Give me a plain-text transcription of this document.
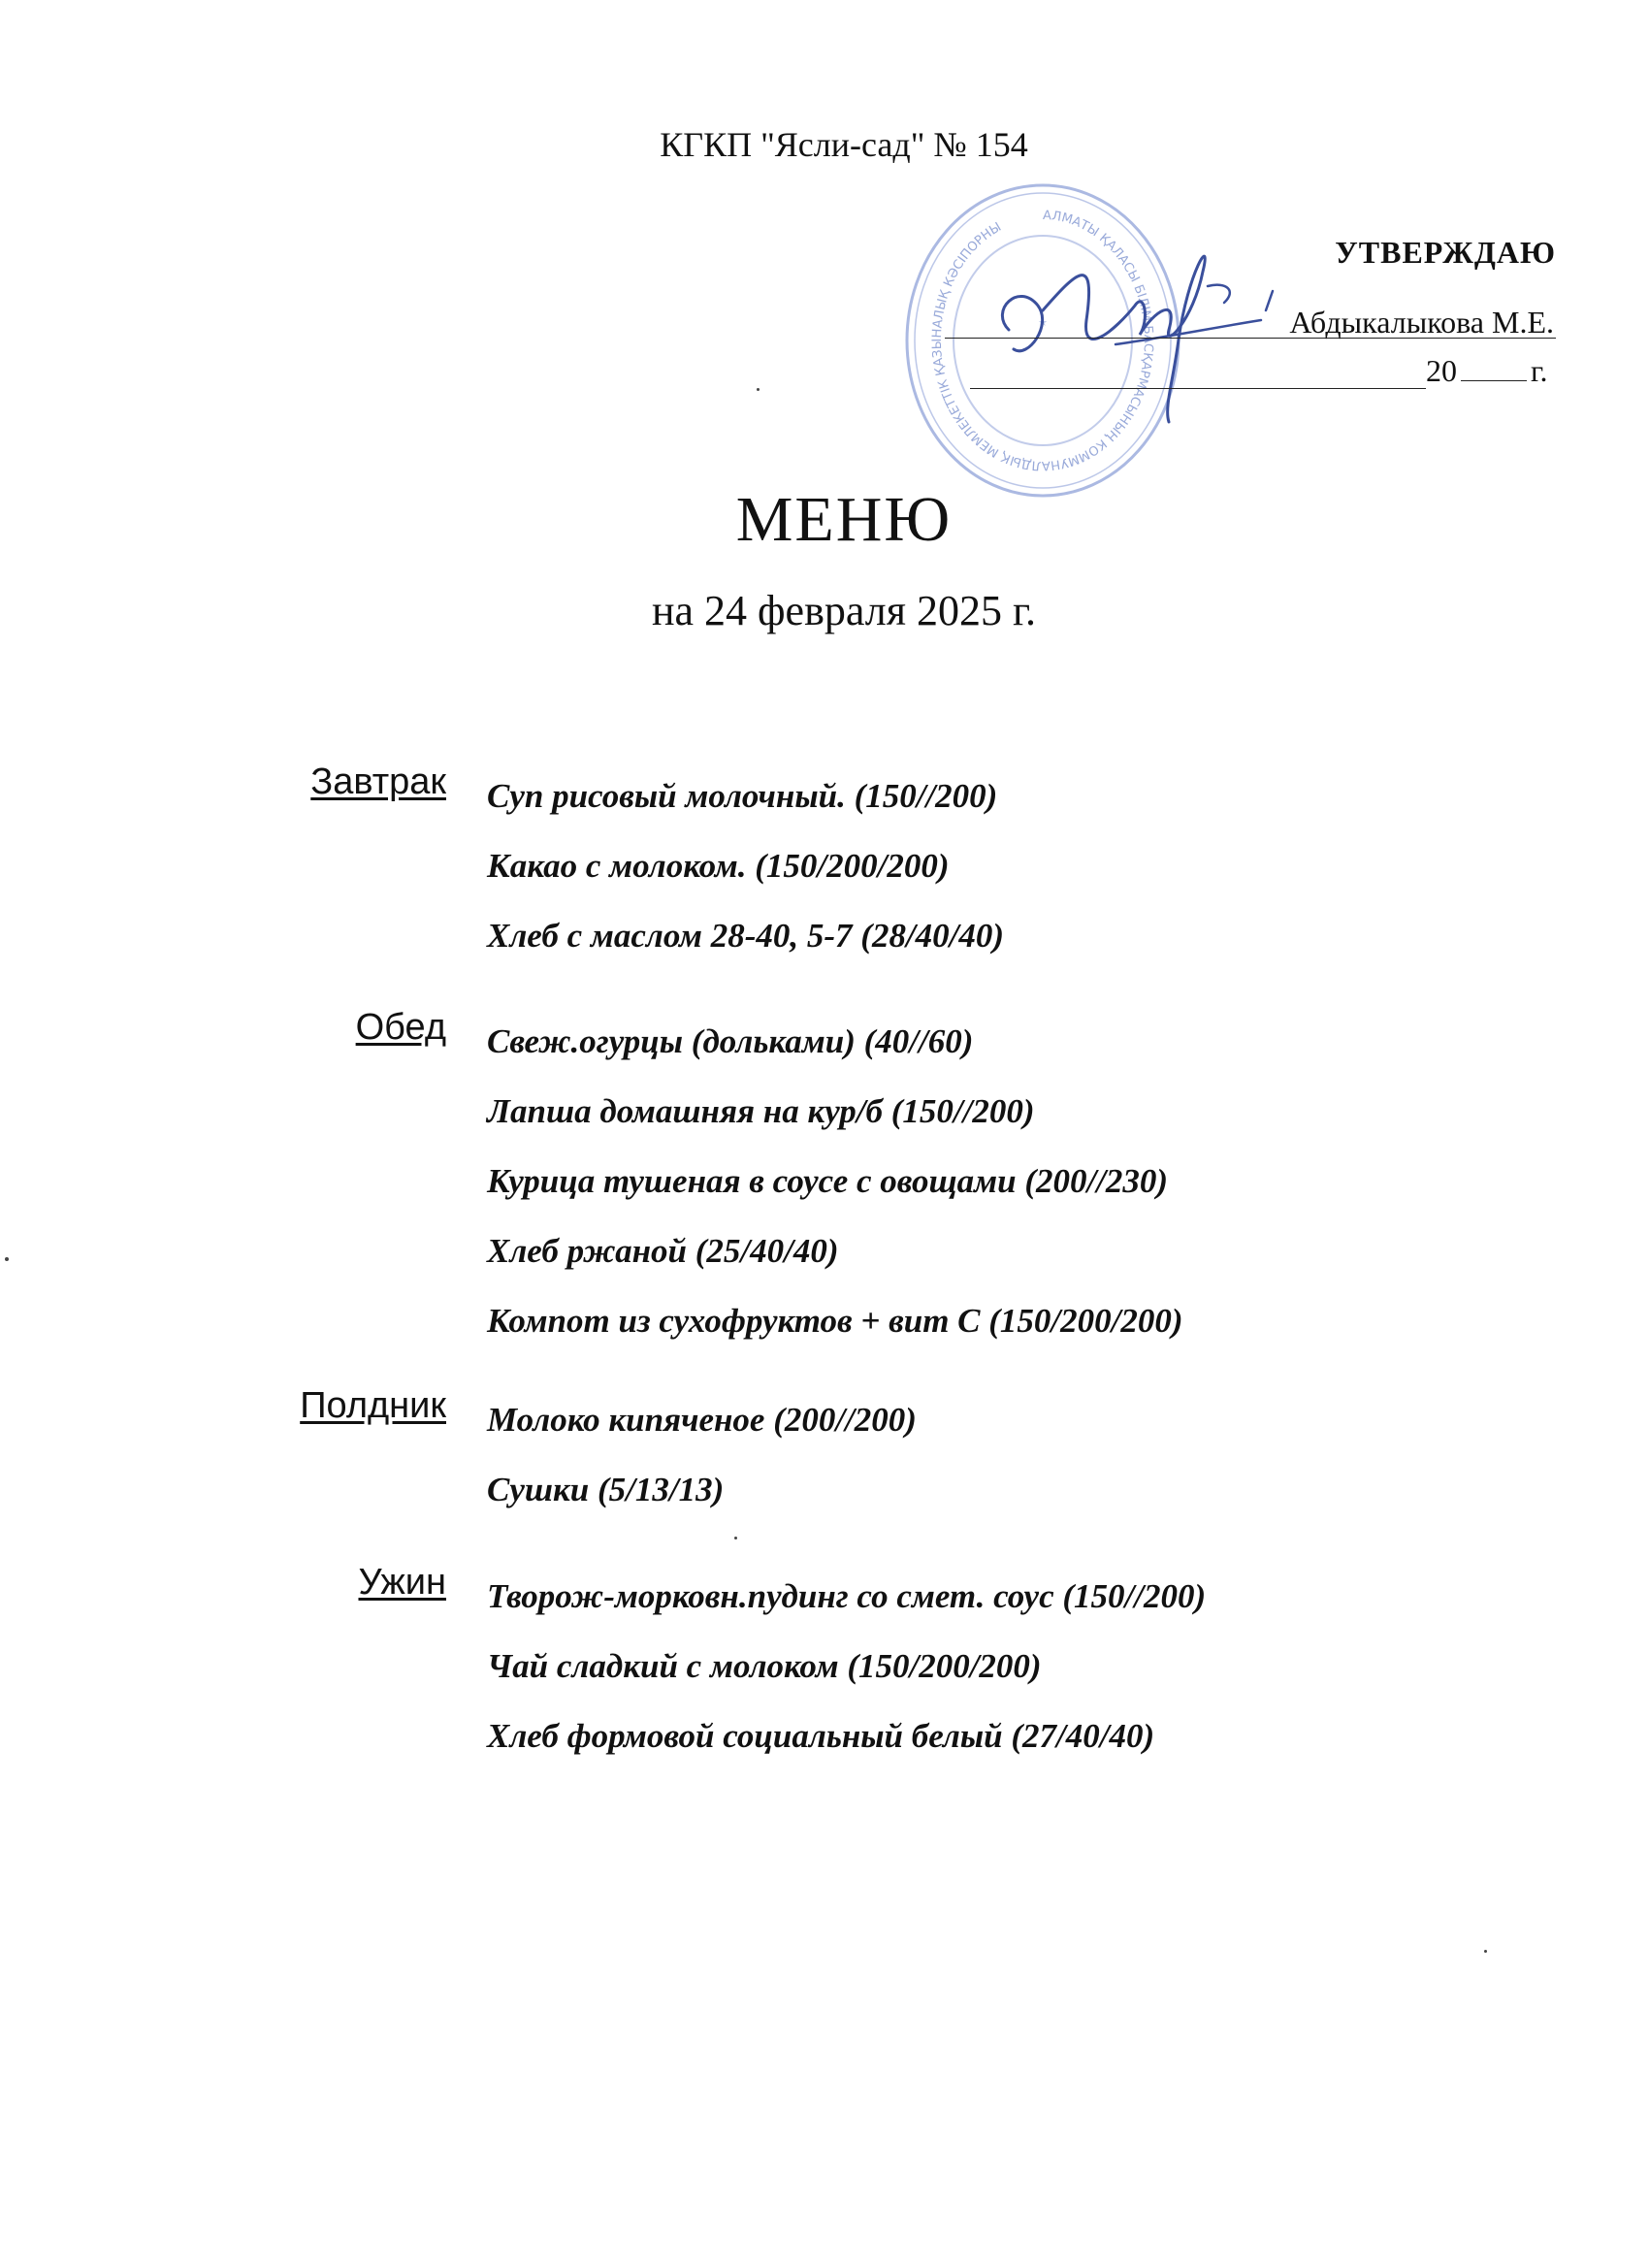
КГКП "Ясли-сад" № 154
АЛМАТЫ ҚАЛАСЫ БІЛІМ БАСҚАРМАСЫНЫҢ КОММУНАЛДЫҚ МЕМЛЕКЕТТІК ҚАЗЫНАЛЫҚ КӘСІПОРНЫ
★
УТВЕРЖДАЮ
Абдыкалыкова М.Е.
20 г.
МЕНЮ
на 24 февраля 2025 г.
Завтрак Суп рисовый молочный. (150//200)
Какао с молоком. (150/200/200)
Хлеб с маслом 28-40, 5-7 (28/40/40)
Обед Свеж.огурцы (дольками) (40//60)
Лапша домашняя на кур/б (150//200)
Курица тушеная в соусе с овощами (200//230)
Хлеб ржаной (25/40/40)
Компот из сухофруктов + вит С (150/200/200)
Полдник Молоко кипяченое (200//200)
Сушки (5/13/13)
Ужин Творож-морковн.пудинг со смет. соус (150//200)
Чай сладкий с молоком (150/200/200)
Хлеб формовой социальный белый (27/40/40)
